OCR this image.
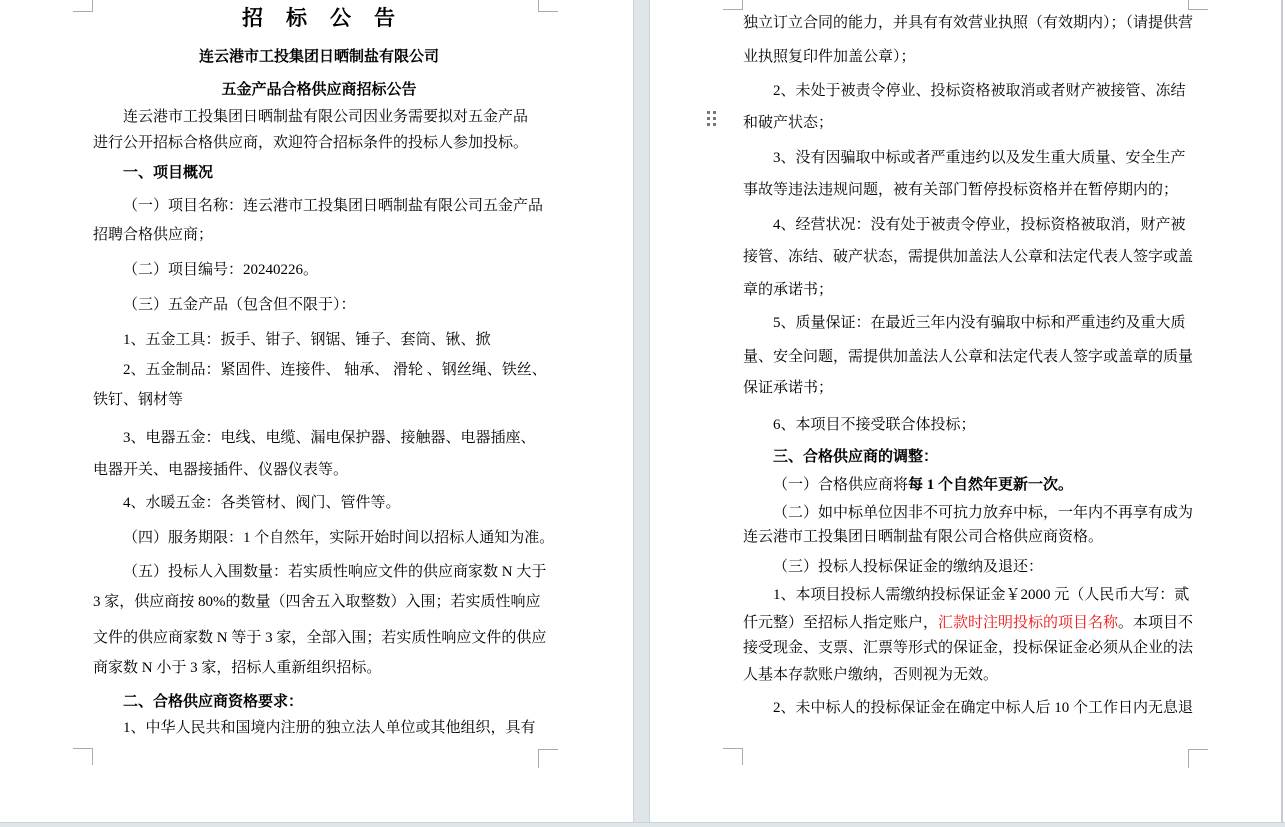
招　标　公　告
连云港市工投集团日晒制盐有限公司
五金产品合格供应商招标公告
连云港市工投集团日晒制盐有限公司因业务需要拟对五金产品
进行公开招标合格供应商，欢迎符合招标条件的投标人参加投标。
一、项目概况
（一）项目名称：连云港市工投集团日晒制盐有限公司五金产品
招聘合格供应商；
（二）项目编号：20240226。
（三）五金产品（包含但不限于）：
1、五金工具：扳手、钳子、钢锯、锤子、套筒、锹、掀
2、五金制品：紧固件、连接件、 轴承、 滑轮 、钢丝绳、铁丝、
铁钉、钢材等
3、电器五金：电线、电缆、漏电保护器、接触器、电器插座、
电器开关、电器接插件、仪器仪表等。
4、水暖五金：各类管材、阀门、管件等。
（四）服务期限：1 个自然年，实际开始时间以招标人通知为准。
（五）投标人入围数量：若实质性响应文件的供应商家数 N 大于
3 家，供应商按 80%的数量（四舍五入取整数）入围；若实质性响应
文件的供应商家数 N 等于 3 家，全部入围；若实质性响应文件的供应
商家数 N 小于 3 家，招标人重新组织招标。
二、合格供应商资格要求：
1、中华人民共和国境内注册的独立法人单位或其他组织，具有
独立订立合同的能力，并具有有效营业执照（有效期内）；（请提供营
业执照复印件加盖公章）；
2、未处于被责令停业、投标资格被取消或者财产被接管、冻结
和破产状态；
3、没有因骗取中标或者严重违约以及发生重大质量、安全生产
事故等违法违规问题，被有关部门暂停投标资格并在暂停期内的；
4、经营状况：没有处于被责令停业，投标资格被取消，财产被
接管、冻结、破产状态，需提供加盖法人公章和法定代表人签字或盖
章的承诺书；
5、质量保证：在最近三年内没有骗取中标和严重违约及重大质
量、安全问题，需提供加盖法人公章和法定代表人签字或盖章的质量
保证承诺书；
6、本项目不接受联合体投标；
三、合格供应商的调整：
（一）合格供应商将每 1 个自然年更新一次。
（二）如中标单位因非不可抗力放弃中标，一年内不再享有成为
连云港市工投集团日晒制盐有限公司合格供应商资格。
（三）投标人投标保证金的缴纳及退还：
1、本项目投标人需缴纳投标保证金￥2000 元（人民币大写：贰
仟元整）至招标人指定账户，汇款时注明投标的项目名称。本项目不
接受现金、支票、汇票等形式的保证金，投标保证金必须从企业的法
人基本存款账户缴纳，否则视为无效。
2、未中标人的投标保证金在确定中标人后 10 个工作日内无息退
